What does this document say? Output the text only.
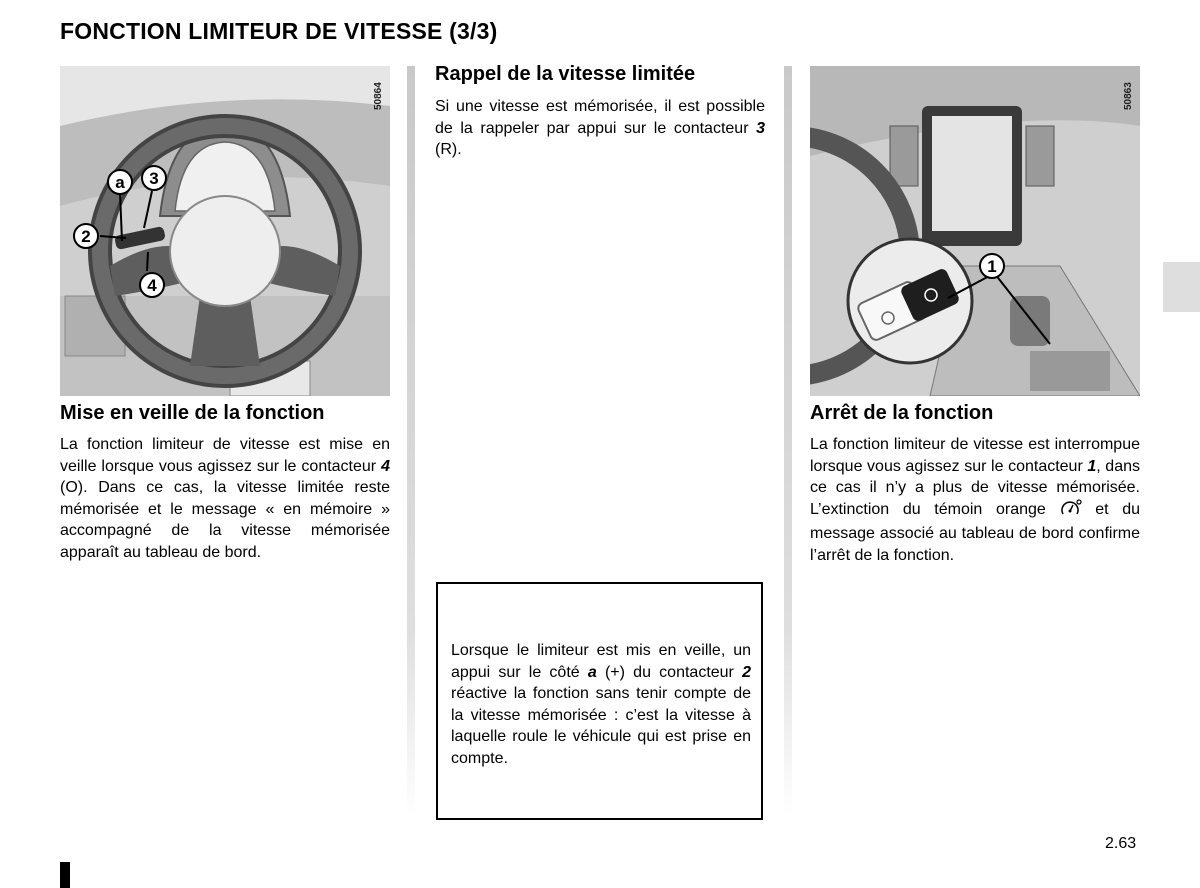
FONCTION LIMITEUR DE VITESSE (3/3)
a 3
2
4
50864
1
50863
Mise en veille de la fonction

La fonction limiteur de vitesse est mise en veille lorsque vous agissez sur le contacteur 4 (O). Dans ce cas, la vitesse limitée reste mémorisée et le message « en mémoire » accompagné de la vitesse mémorisée apparaît au tableau de bord.

Rappel de la vitesse limitée

Si une vitesse est mémorisée, il est possible de la rappeler par appui sur le contacteur 3 (R).

Lorsque le limiteur est mis en veille, un appui sur le côté a (+) du contacteur 2 réactive la fonction sans tenir compte de la vitesse mémorisée : c’est la vitesse à laquelle roule le véhicule qui est prise en compte.

Arrêt de la fonction

La fonction limiteur de vitesse est interrompue lorsque vous agissez sur le contacteur 1, dans ce cas il n’y a plus de vitesse mémorisée. L’extinction du témoin orange  et du message associé au tableau de bord confirme l’arrêt de la fonction.

2.63
